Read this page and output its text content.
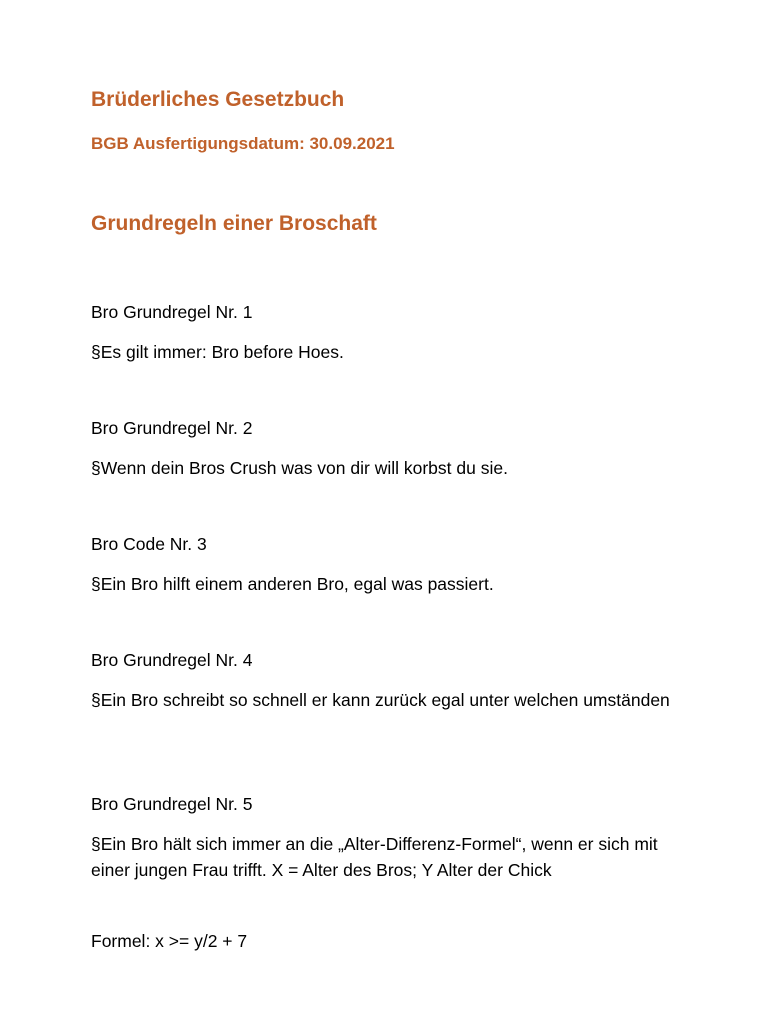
Brüderliches Gesetzbuch
BGB Ausfertigungsdatum: 30.09.2021
Grundregeln einer Broschaft
Bro Grundregel Nr. 1
§Es gilt immer: Bro before Hoes.
Bro Grundregel Nr. 2
§Wenn dein Bros Crush was von dir will korbst du sie.
Bro Code Nr. 3
§Ein Bro hilft einem anderen Bro, egal was passiert.
Bro Grundregel Nr. 4
§Ein Bro schreibt so schnell er kann zurück egal unter welchen umständen
Bro Grundregel Nr. 5
§Ein Bro hält sich immer an die „Alter-Differenz-Formel“, wenn er sich mit einer jungen Frau trifft. X = Alter des Bros; Y Alter der Chick
Formel: x >= y/2 + 7
